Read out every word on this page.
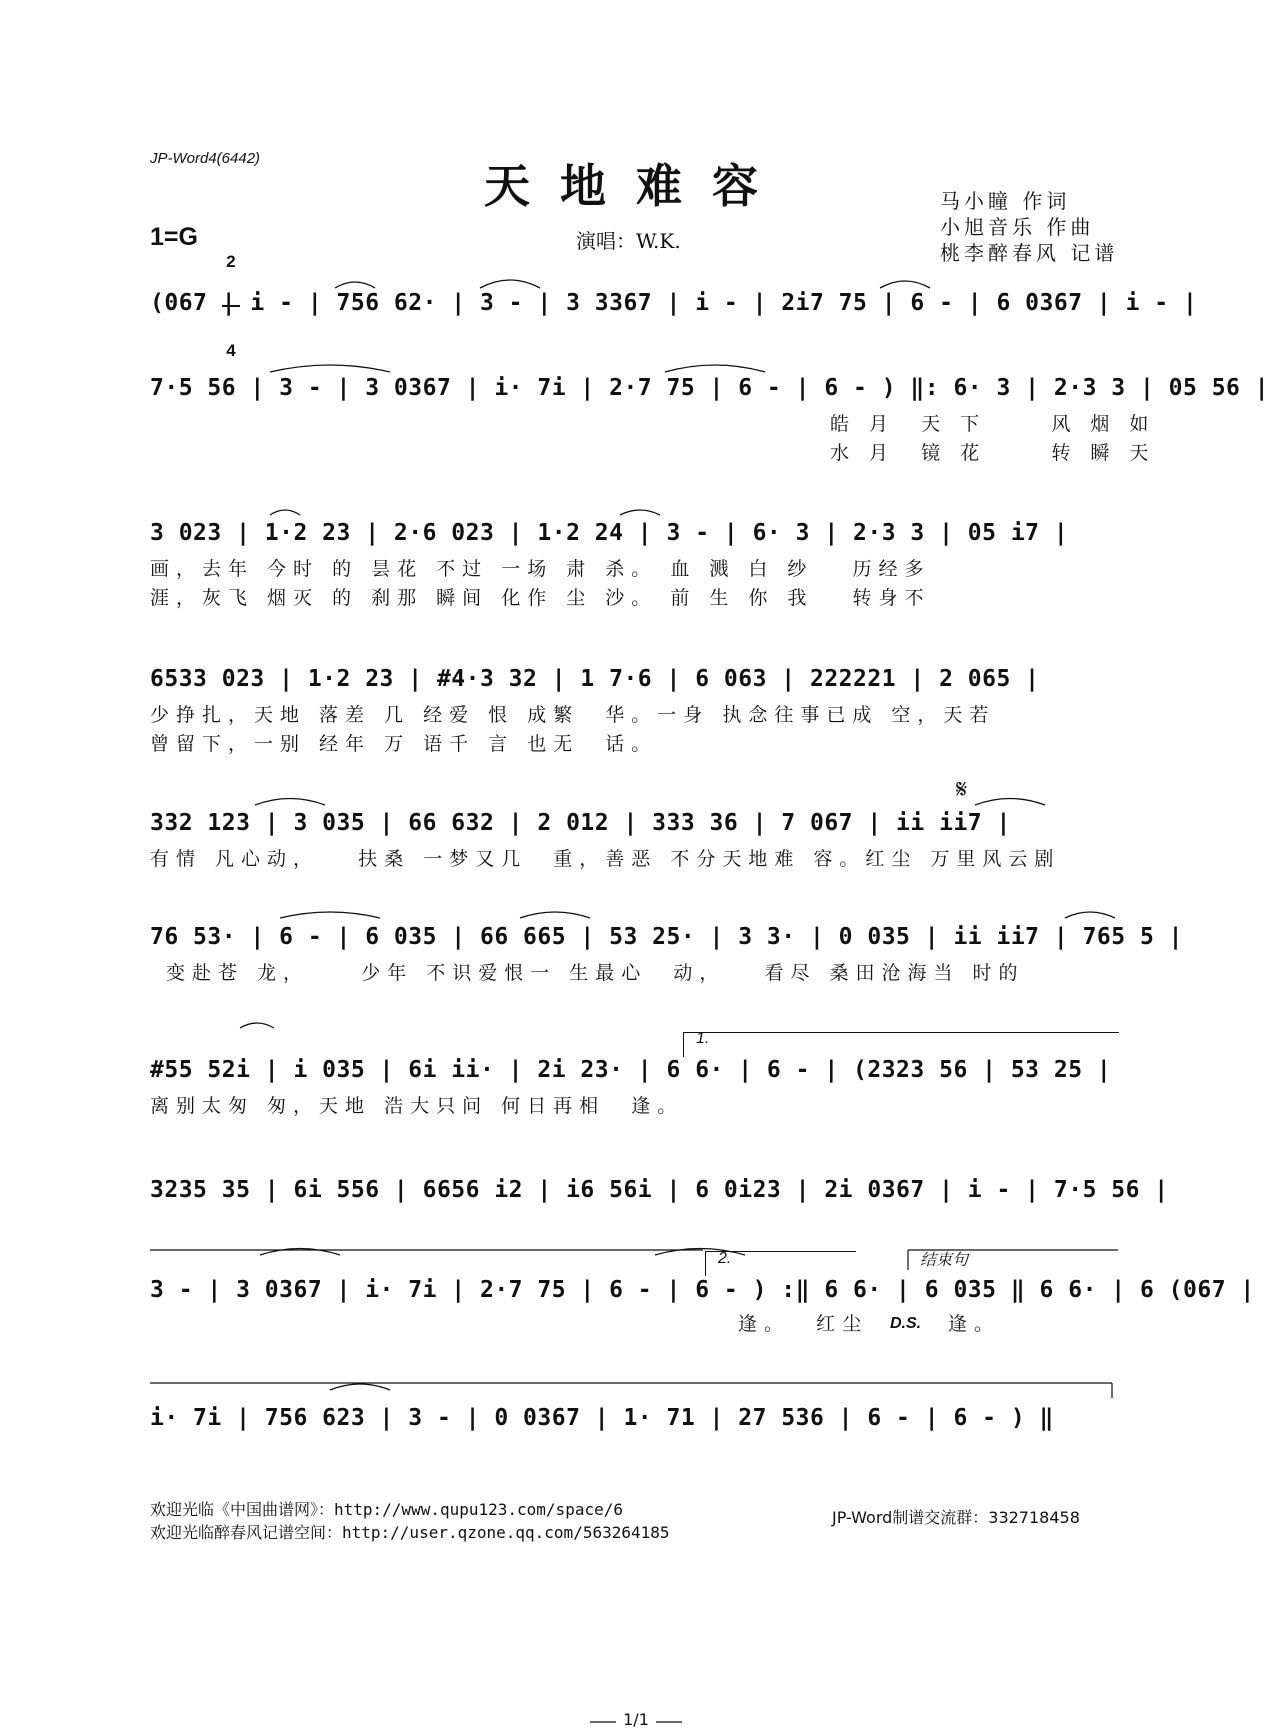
JP-Word4(6442)
天地难容	马小瞳 作词
小旭音乐 作曲
桃李醉春风 记谱
1=G

2

4

演唱：W.K.
(067 | i - | 756 62· | 3 - | 3 3367 | i - | 2i7 75 | 6 - | 6 0367 | i - |
7·5 56 | 3 - | 3 0367 | i· 7i | 2·7 75 | 6 - | 6 - ) ‖: 6· 3 | 2·3 3 | 05 56 |
皓 月  天 下     风 烟 如
水 月  镜 花     转 瞬 天
3 023 | 1·2 23 | 2·6 023 | 1·2 24 | 3 - | 6· 3 | 2·3 3 | 05 i7 |
画，去年 今时 的 昙花 不过 一场 肃 杀。 血 溅 白 纱   历经多
涯，灰飞 烟灭 的 刹那 瞬间 化作 尘 沙。 前 生 你 我   转身不
6533 023 | 1·2 23 | #4·3 32 | 1 7·6 | 6 063 | 222221 | 2 065 |
少挣扎，天地 落差 几 经爱 恨 成繁  华。一身 执念往事已成 空，天若
曾留下，一别 经年 万 语千 言 也无  话。
332 123 | 3 035 | 66 632 | 2 012 | 333 36 | 7 067 | ii ii7 |
𝄋
有情 凡心动，   扶桑 一梦又几  重，善恶 不分天地难 容。红尘 万里风云剧
76 53· | 6 - | 6 035 | 66 665 | 53 25· | 3 3· | 0 035 | ii ii7 | 765 5 |
变赴苍 龙，    少年 不识爱恨一 生最心  动，   看尽 桑田沧海当 时的
1.
#55 52i | i 035 | 6i ii· | 2i 23· | 6 6· | 6 - | (2323 56 | 53 25 |
离别太匆 匆，天地 浩大只问 何日再相  逢。
3235 35 | 6i 556 | 6656 i2 | i6 56i | 6 0i23 | 2i 0367 | i - | 7·5 56 |
2.	结束句
3 - | 3 0367 | i· 7i | 2·7 75 | 6 - | 6 - ) :‖ 6 6· | 6 035 ‖ 6 6· | 6 (067 |
逢。  红尘	D.S. 逢。
i· 7i | 756 623 | 3 - | 0 0367 | 1· 71 | 27 536 | 6 - | 6 - ) ‖
欢迎光临《中国曲谱网》：http://www.qupu123.com/space/6
欢迎光临醉春风记谱空间：http://user.qzone.qq.com/563264185
JP-Word制谱交流群：332718458
1/1
